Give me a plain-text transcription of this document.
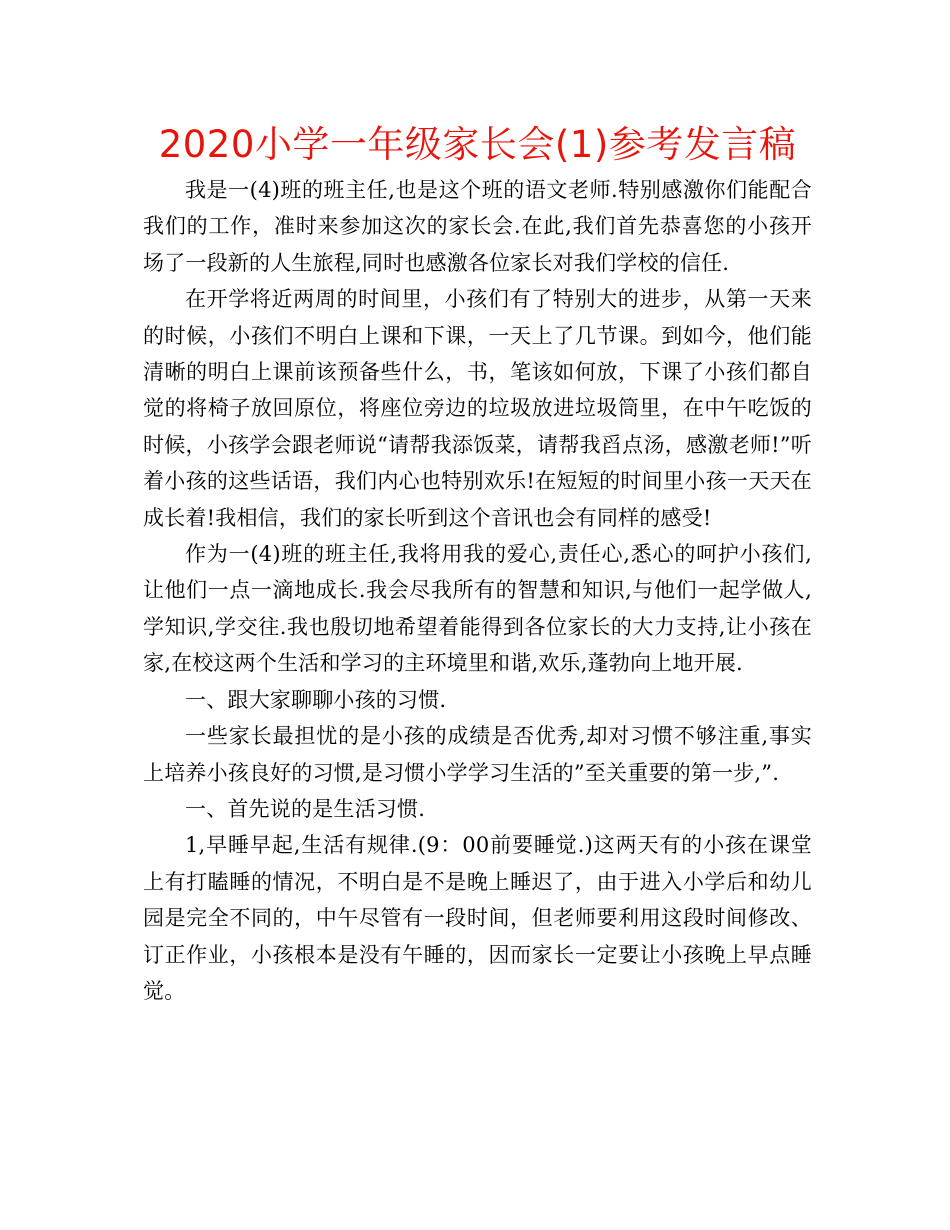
2020小学一年级家长会(1)参考发言稿

我是一(4)班的班主任,也是这个班的语文老师.特别感激你们能配合我们的工作，准时来参加这次的家长会.在此,我们首先恭喜您的小孩开场了一段新的人生旅程,同时也感激各位家长对我们学校的信任.

在开学将近两周的时间里，小孩们有了特别大的进步，从第一天来的时候，小孩们不明白上课和下课，一天上了几节课。到如今，他们能清晰的明白上课前该预备些什么，书，笔该如何放，下课了小孩们都自觉的将椅子放回原位，将座位旁边的垃圾放进垃圾筒里，在中午吃饭的时候，小孩学会跟老师说“请帮我添饭菜，请帮我舀点汤，感激老师!”听着小孩的这些话语，我们内心也特别欢乐!在短短的时间里小孩一天天在成长着!我相信，我们的家长听到这个音讯也会有同样的感受!

作为一(4)班的班主任,我将用我的爱心,责任心,悉心的呵护小孩们,让他们一点一滴地成长.我会尽我所有的智慧和知识,与他们一起学做人,学知识,学交往.我也殷切地希望着能得到各位家长的大力支持,让小孩在家,在校这两个生活和学习的主环境里和谐,欢乐,蓬勃向上地开展.

一、跟大家聊聊小孩的习惯.

一些家长最担忧的是小孩的成绩是否优秀,却对习惯不够注重,事实上培养小孩良好的习惯,是习惯小学学习生活的”至关重要的第一步,”.

一、首先说的是生活习惯.

1,早睡早起,生活有规律.(9：00前要睡觉.)这两天有的小孩在课堂上有打瞌睡的情况，不明白是不是晚上睡迟了，由于进入小学后和幼儿园是完全不同的，中午尽管有一段时间，但老师要利用这段时间修改、订正作业，小孩根本是没有午睡的，因而家长一定要让小孩晚上早点睡觉。
